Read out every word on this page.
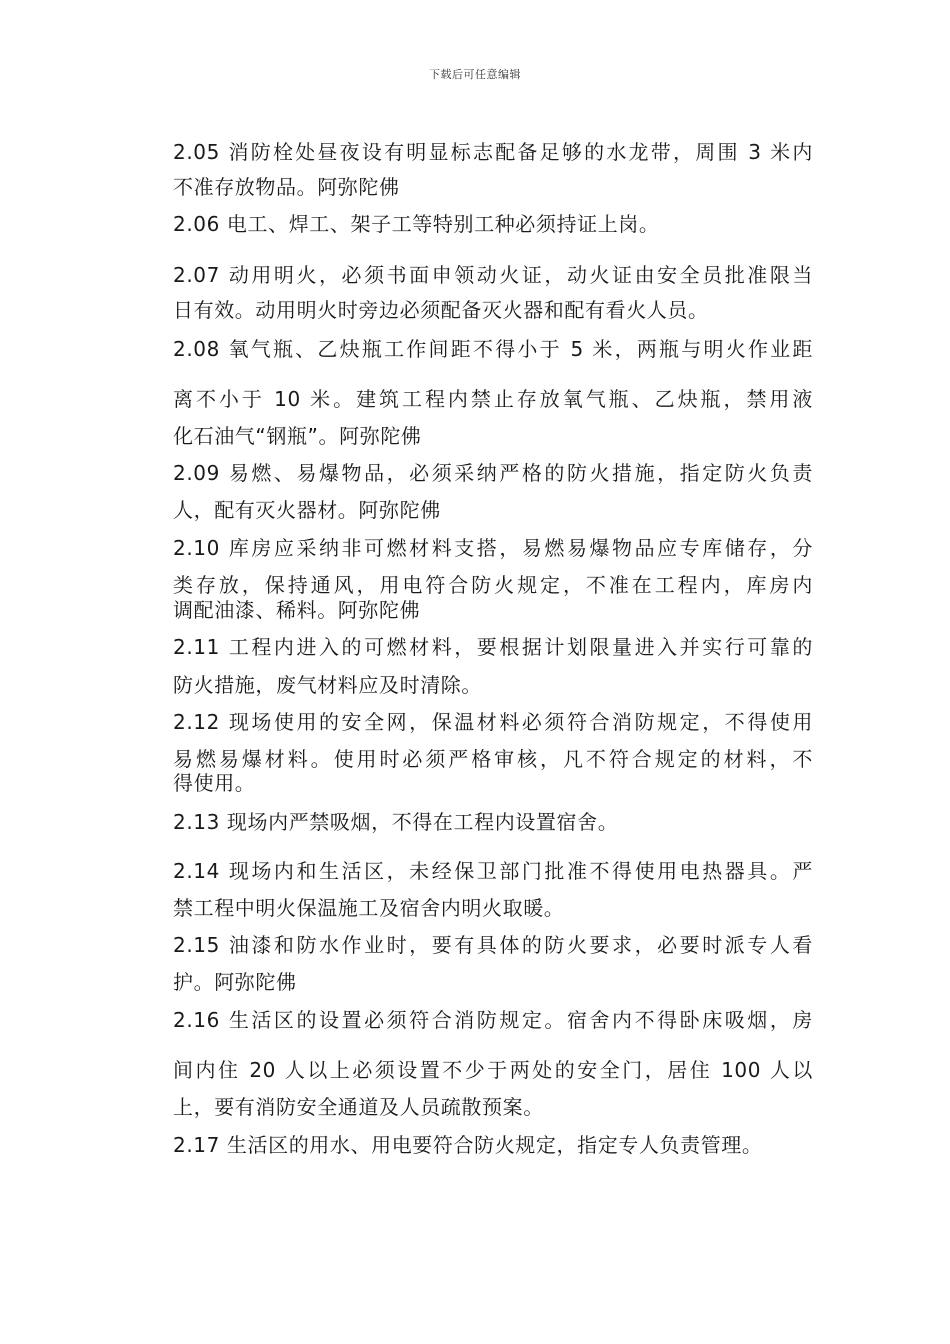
下载后可任意编辑
2.05 消防栓处昼夜设有明显标志配备足够的水龙带，周围 3 米内
不准存放物品。阿弥陀佛
2.06 电工、焊工、架子工等特别工种必须持证上岗。
2.07 动用明火，必须书面申领动火证，动火证由安全员批准限当
日有效。动用明火时旁边必须配备灭火器和配有看火人员。
2.08 氧气瓶、乙炔瓶工作间距不得小于 5 米，两瓶与明火作业距
离不小于 10 米。建筑工程内禁止存放氧气瓶、乙炔瓶，禁用液
化石油气“钢瓶”。阿弥陀佛
2.09 易燃、易爆物品，必须采纳严格的防火措施，指定防火负责
人，配有灭火器材。阿弥陀佛
2.10 库房应采纳非可燃材料支搭，易燃易爆物品应专库储存，分
类存放，保持通风，用电符合防火规定，不准在工程内，库房内
调配油漆、稀料。阿弥陀佛
2.11 工程内进入的可燃材料，要根据计划限量进入并实行可靠的
防火措施，废气材料应及时清除。
2.12 现场使用的安全网，保温材料必须符合消防规定，不得使用
易燃易爆材料。使用时必须严格审核，凡不符合规定的材料，不
得使用。
2.13 现场内严禁吸烟，不得在工程内设置宿舍。
2.14 现场内和生活区，未经保卫部门批准不得使用电热器具。严
禁工程中明火保温施工及宿舍内明火取暖。
2.15 油漆和防水作业时，要有具体的防火要求，必要时派专人看
护。阿弥陀佛
2.16 生活区的设置必须符合消防规定。宿舍内不得卧床吸烟，房
间内住 20 人以上必须设置不少于两处的安全门，居住 100 人以
上，要有消防安全通道及人员疏散预案。
2.17 生活区的用水、用电要符合防火规定，指定专人负责管理。
